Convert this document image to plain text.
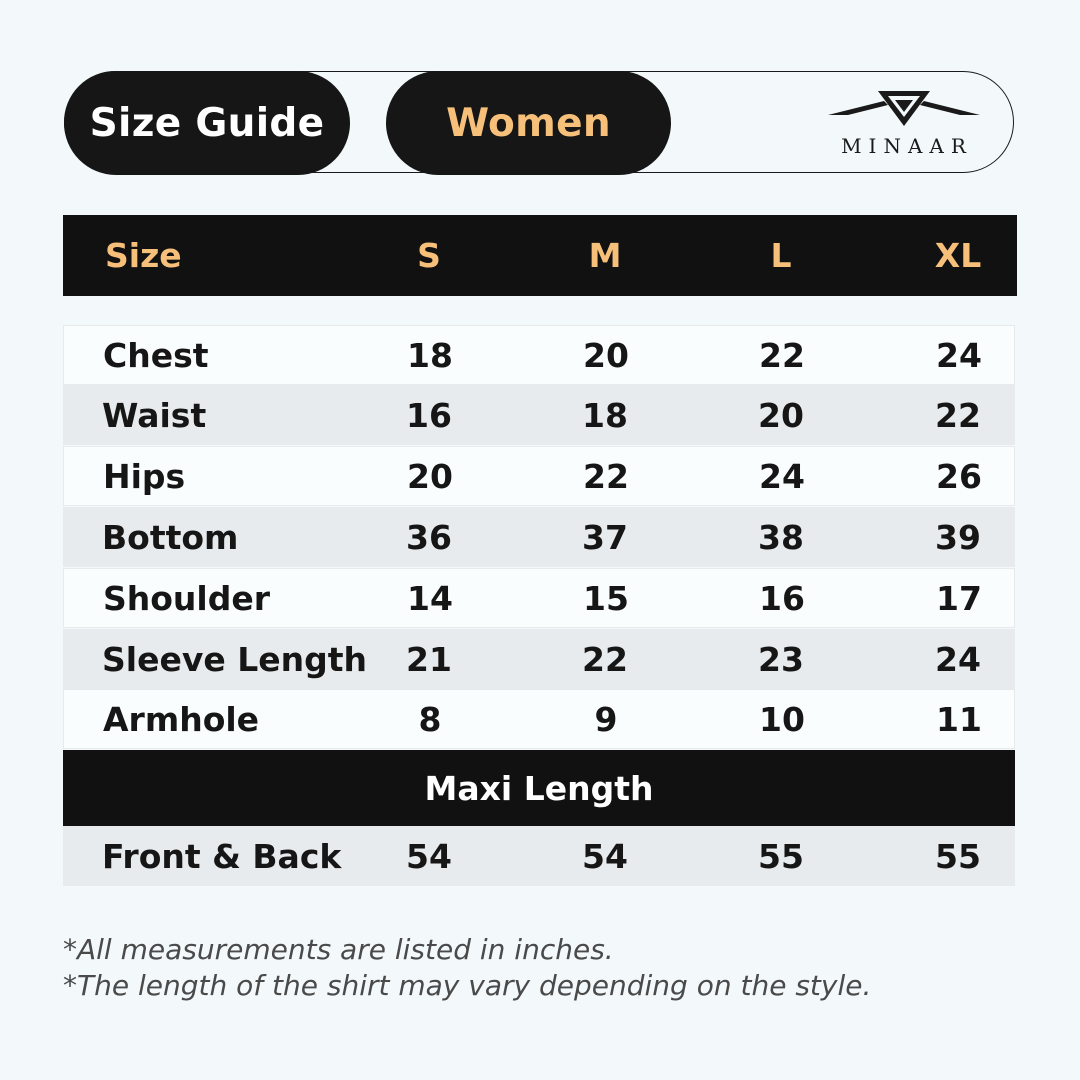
Size Guide	Women
MINAAR
Size	S	M	L	XL
Chest	18	20	22	24
Waist	16	18	20	22
Hips	20	22	24	26
Bottom	36	37	38	39
Shoulder	14	15	16	17
Sleeve Length	21	22	23	24
Armhole	8	9	10	11
Maxi Length
Front & Back	54	54	55	55
*All measurements are listed in inches.
*The length of the shirt may vary depending on the style.
